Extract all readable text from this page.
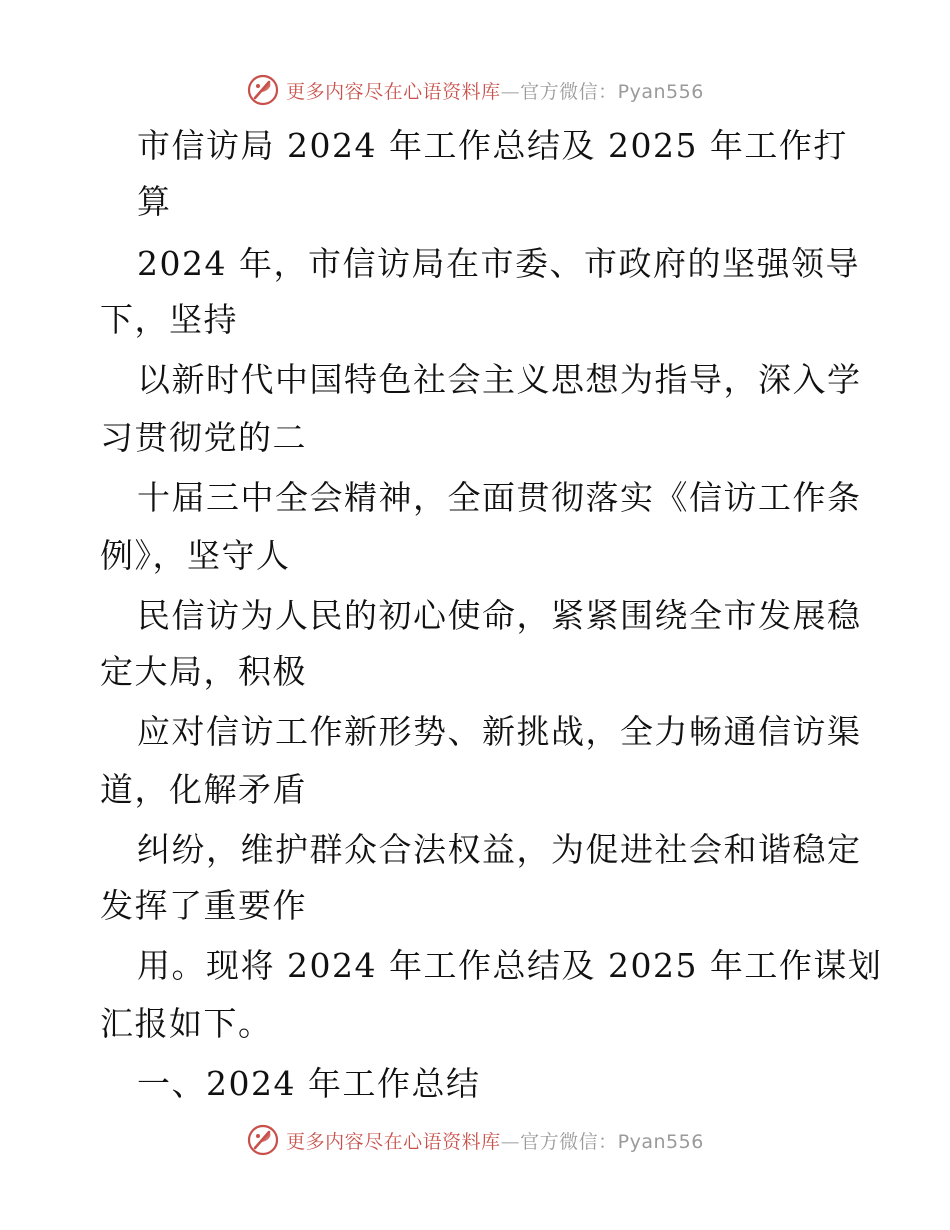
更多内容尽在心语资料库—官方微信：Pyan556
市信访局 2024 年工作总结及 2025 年工作打
算
2024 年，市信访局在市委、市政府的坚强领导
下，坚持
以新时代中国特色社会主义思想为指导，深入学
习贯彻党的二
十届三中全会精神，全面贯彻落实《信访工作条
例》，坚守人
民信访为人民的初心使命，紧紧围绕全市发展稳
定大局，积极
应对信访工作新形势、新挑战，全力畅通信访渠
道，化解矛盾
纠纷，维护群众合法权益，为促进社会和谐稳定
发挥了重要作
用。现将 2024 年工作总结及 2025 年工作谋划
汇报如下。
一、2024 年工作总结
更多内容尽在心语资料库—官方微信：Pyan556
